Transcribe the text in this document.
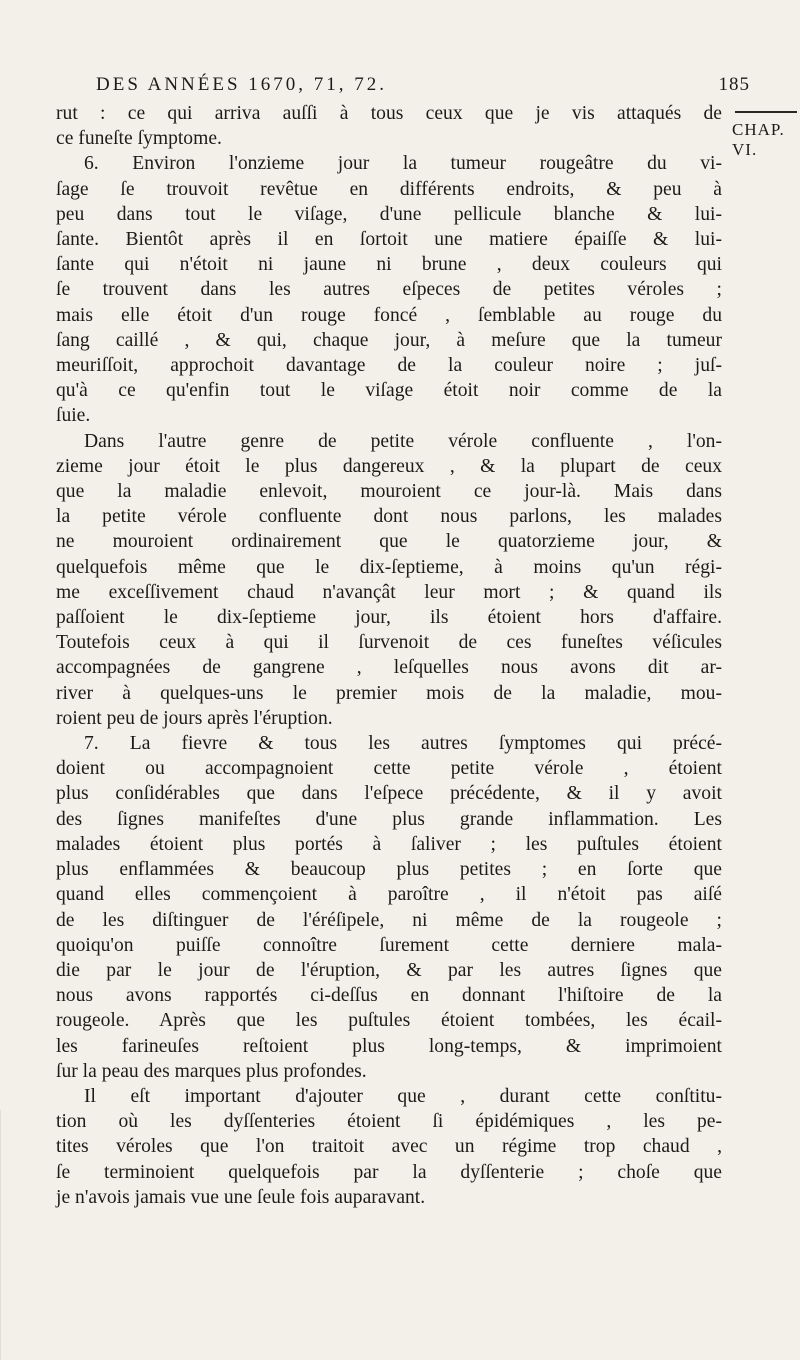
DES ANNÉES 1670, 71, 72.	185
CHAP. VI.
rut : ce qui arriva auſſi à tous ceux que je vis attaqués de
ce funeſte ſymptome.
6. Environ l'onzieme jour la tumeur rougeâtre du vi-
ſage ſe trouvoit revêtue en différents endroits, & peu à
peu dans tout le viſage, d'une pellicule blanche & lui-
ſante. Bientôt après il en ſortoit une matiere épaiſſe & lui-
ſante qui n'étoit ni jaune ni brune , deux couleurs qui
ſe trouvent dans les autres eſpeces de petites véroles ;
mais elle étoit d'un rouge foncé , ſemblable au rouge du
ſang caillé , & qui, chaque jour, à meſure que la tumeur
meuriſſoit, approchoit davantage de la couleur noire ; juſ-
qu'à ce qu'enfin tout le viſage étoit noir comme de la
ſuie.
Dans l'autre genre de petite vérole confluente , l'on-
zieme jour étoit le plus dangereux , & la plupart de ceux
que la maladie enlevoit, mouroient ce jour-là. Mais dans
la petite vérole confluente dont nous parlons, les malades
ne mouroient ordinairement que le quatorzieme jour, &
quelquefois même que le dix-ſeptieme, à moins qu'un régi-
me exceſſivement chaud n'avançât leur mort ; & quand ils
paſſoient le dix-ſeptieme jour, ils étoient hors d'affaire.
Toutefois ceux à qui il ſurvenoit de ces funeſtes véſicules
accompagnées de gangrene , leſquelles nous avons dit ar-
river à quelques-uns le premier mois de la maladie, mou-
roient peu de jours après l'éruption.
7. La fievre & tous les autres ſymptomes qui précé-
doient ou accompagnoient cette petite vérole , étoient
plus conſidérables que dans l'eſpece précédente, & il y avoit
des ſignes manifeſtes d'une plus grande inflammation. Les
malades étoient plus portés à ſaliver ; les puſtules étoient
plus enflammées & beaucoup plus petites ; en ſorte que
quand elles commençoient à paroître , il n'étoit pas aiſé
de les diſtinguer de l'éréſipele, ni même de la rougeole ;
quoiqu'on puiſſe connoître ſurement cette derniere mala-
die par le jour de l'éruption, & par les autres ſignes que
nous avons rapportés ci-deſſus en donnant l'hiſtoire de la
rougeole. Après que les puſtules étoient tombées, les écail-
les farineuſes reſtoient plus long-temps, & imprimoient
ſur la peau des marques plus profondes.
Il eſt important d'ajouter que , durant cette conſtitu-
tion où les dyſſenteries étoient ſi épidémiques , les pe-
tites véroles que l'on traitoit avec un régime trop chaud ,
ſe terminoient quelquefois par la dyſſenterie ; choſe que
je n'avois jamais vue une ſeule fois auparavant.
